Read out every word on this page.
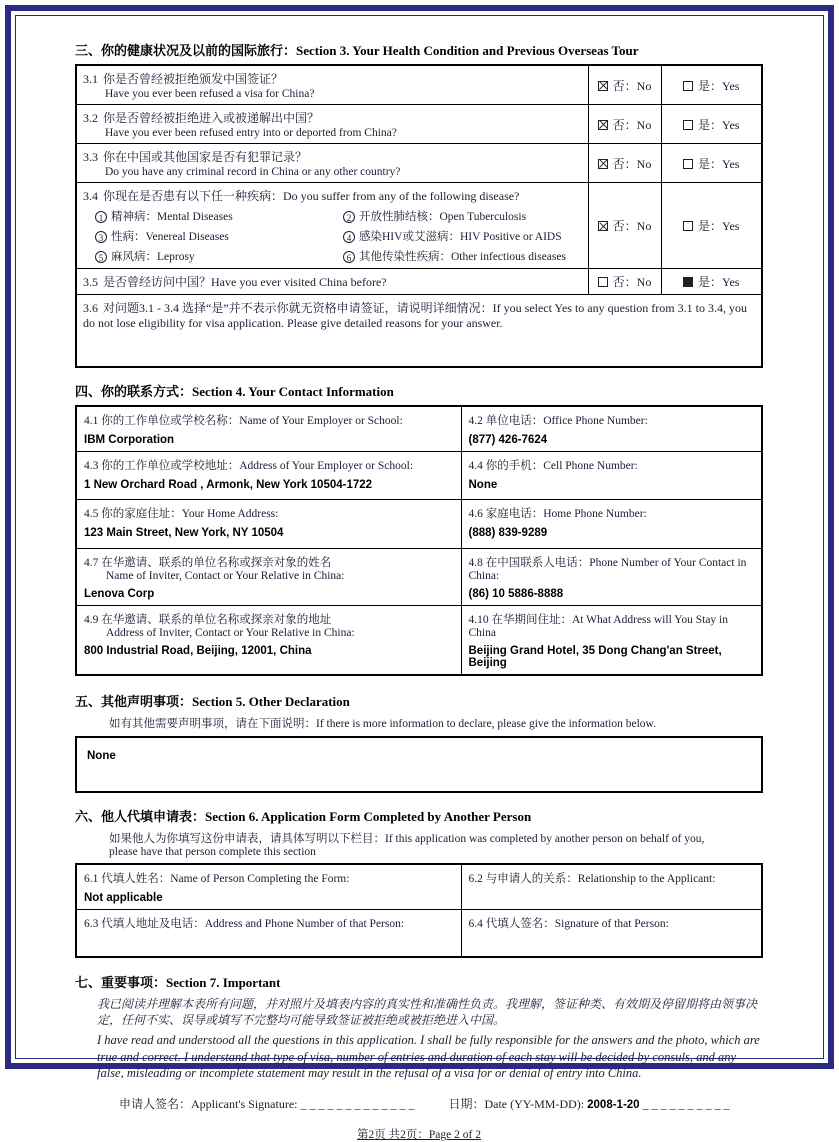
三、你的健康状况及以前的国际旅行：Section 3. Your Health Condition and Previous Overseas Tour
3.1 你是否曾经被拒绝颁发中国签证？
Have you ever been refused a visa for China?	否：No	是：Yes

3.2 你是否曾经被拒绝进入或被递解出中国？
Have you ever been refused entry into or deported from China?	否：No	是：Yes

3.3 你在中国或其他国家是否有犯罪记录？
Do you have any criminal record in China or any other country?	否：No	是：Yes

3.4 你现在是否患有以下任一种疾病：Do you suffer from any of the following disease?
1 精神病：Mental Diseases	2 开放性肺结核：Open Tuberculosis
3 性病：Venereal Diseases	4 感染HIV或艾滋病：HIV Positive or AIDS
5 麻风病：Leprosy	6 其他传染性疾病：Other infectious diseases
	否：No	是：Yes

3.5 是否曾经访问中国？Have you ever visited China before?	否：No	是：Yes

3.6 对问题3.1 - 3.4 选择“是”并不表示你就无资格申请签证，请说明详细情况：If you select Yes to any question from 3.1 to 3.4, you do not lose eligibility for visa application. Please give detailed reasons for your answer.		
四、你的联系方式：Section 4. Your Contact Information
4.1 你的工作单位或学校名称：Name of Your Employer or School:
IBM Corporation

4.2 单位电话：Office Phone Number:
(877) 426-7624

4.3 你的工作单位或学校地址：Address of Your Employer or School:
1 New Orchard Road , Armonk, New York 10504-1722

4.4 你的手机：Cell Phone Number:
None

4.5 你的家庭住址：Your Home Address:
123 Main Street, New York, NY 10504

4.6 家庭电话：Home Phone Number:
(888) 839-9289

4.7 在华邀请、联系的单位名称或探亲对象的姓名
Name of Inviter, Contact or Your Relative in China:
Lenova Corp

4.8 在中国联系人电话：Phone Number of Your Contact in China:
(86) 10 5886-8888

4.9 在华邀请、联系的单位名称或探亲对象的地址
Address of Inviter, Contact or Your Relative in China:
800 Industrial Road, Beijing, 12001, China

4.10 在华期间住址：At What Address will You Stay in China
Beijing Grand Hotel, 35 Dong Chang'an Street, Beijing
五、其他声明事项：Section 5. Other Declaration
如有其他需要声明事项，请在下面说明：If there is more information to declare, please give the information below.
None
六、他人代填申请表：Section 6. Application Form Completed by Another Person
如果他人为你填写这份申请表，请具体写明以下栏目：If this application was completed by another person on behalf of you,
please have that person complete this section
6.1 代填人姓名：Name of Person Completing the Form:
Not applicable	6.2 与申请人的关系：Relationship to the Applicant:

6.3 代填人地址及电话：Address and Phone Number of that Person:	6.4 代填人签名：Signature of that Person:
七、重要事项：Section 7. Important
我已阅读并理解本表所有问题，并对照片及填表内容的真实性和准确性负责。我理解，签证种类、有效期及停留期将由领事决定，任何不实、误导或填写不完整均可能导致签证被拒绝或被拒绝进入中国。
I have read and understood all the questions in this application. I shall be fully responsible for the answers and the photo, which are true and correct. I understand that type of visa, number of entries and duration of each stay will be decided by consuls, and any false, misleading or incomplete statement may result in the refusal of a visa for or denial of entry into China.
申请人签名：Applicant's Signature: _ _ _ _ _ _ _ _ _ _ _ _ _	日期：Date (YY-MM-DD): 2008-1-20 _ _ _ _ _ _ _ _ _ _
第2页 共2页：Page 2 of 2
